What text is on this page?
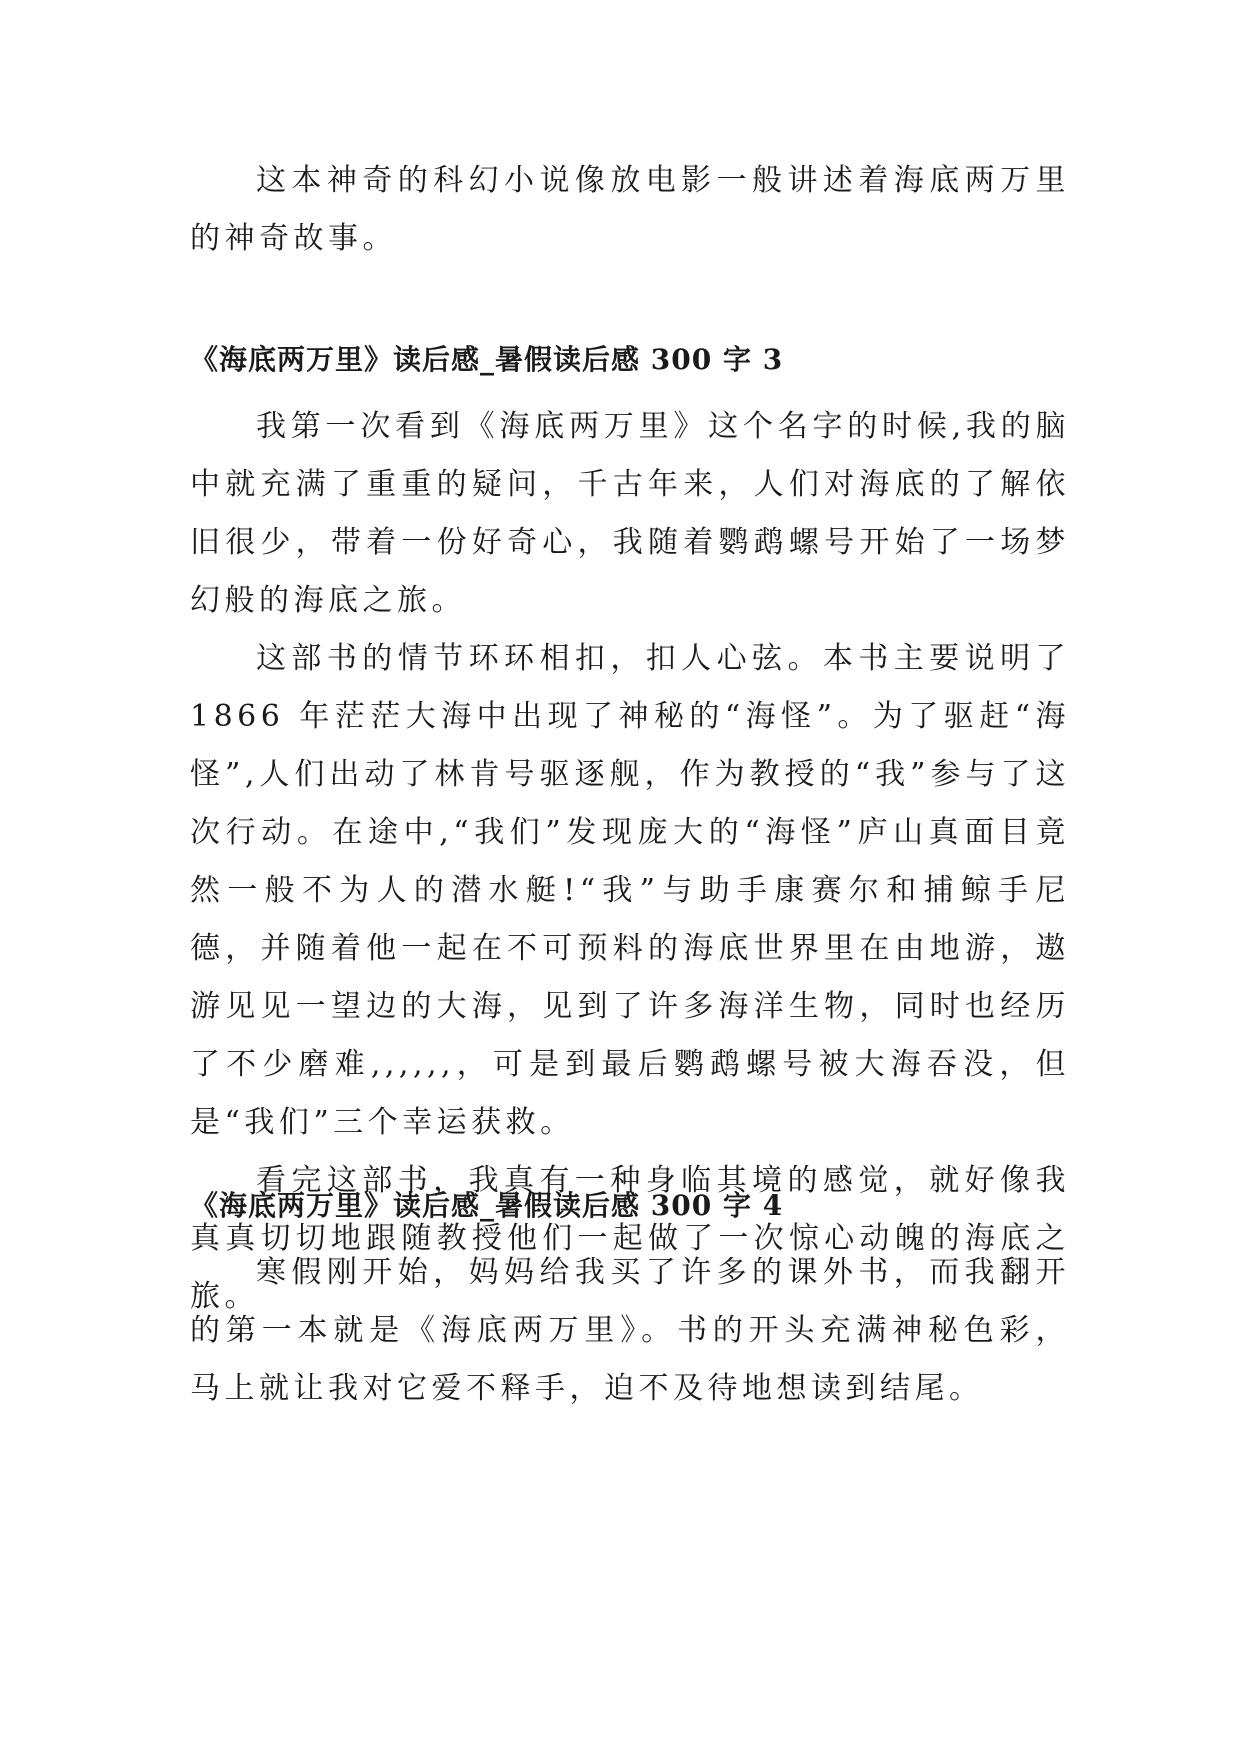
这本神奇的科幻小说像放电影一般讲述着海底两万里的神奇故事。

《海底两万里》读后感_暑假读后感 300 字 3

我第一次看到《海底两万里》这个名字的时候,我的脑中就充满了重重的疑问，千古年来，人们对海底的了解依旧很少，带着一份好奇心，我随着鹦鹉螺号开始了一场梦幻般的海底之旅。

这部书的情节环环相扣，扣人心弦。本书主要说明了 1866 年茫茫大海中出现了神秘的“海怪”。为了驱赶“海怪”,人们出动了林肯号驱逐舰，作为教授的“我”参与了这次行动。在途中,“我们”发现庞大的“海怪”庐山真面目竟然一般不为人的潜水艇!“我”与助手康赛尔和捕鲸手尼德，并随着他一起在不可预料的海底世界里在由地游，遨游见见一望边的大海，见到了许多海洋生物，同时也经历了不少磨难,,,,,,，可是到最后鹦鹉螺号被大海吞没，但是“我们”三个幸运获救。

看完这部书，我真有一种身临其境的感觉，就好像我真真切切地跟随教授他们一起做了一次惊心动魄的海底之旅。

《海底两万里》读后感_暑假读后感 300 字 4

寒假刚开始，妈妈给我买了许多的课外书，而我翻开的第一本就是《海底两万里》。书的开头充满神秘色彩，马上就让我对它爱不释手，迫不及待地想读到结尾。
